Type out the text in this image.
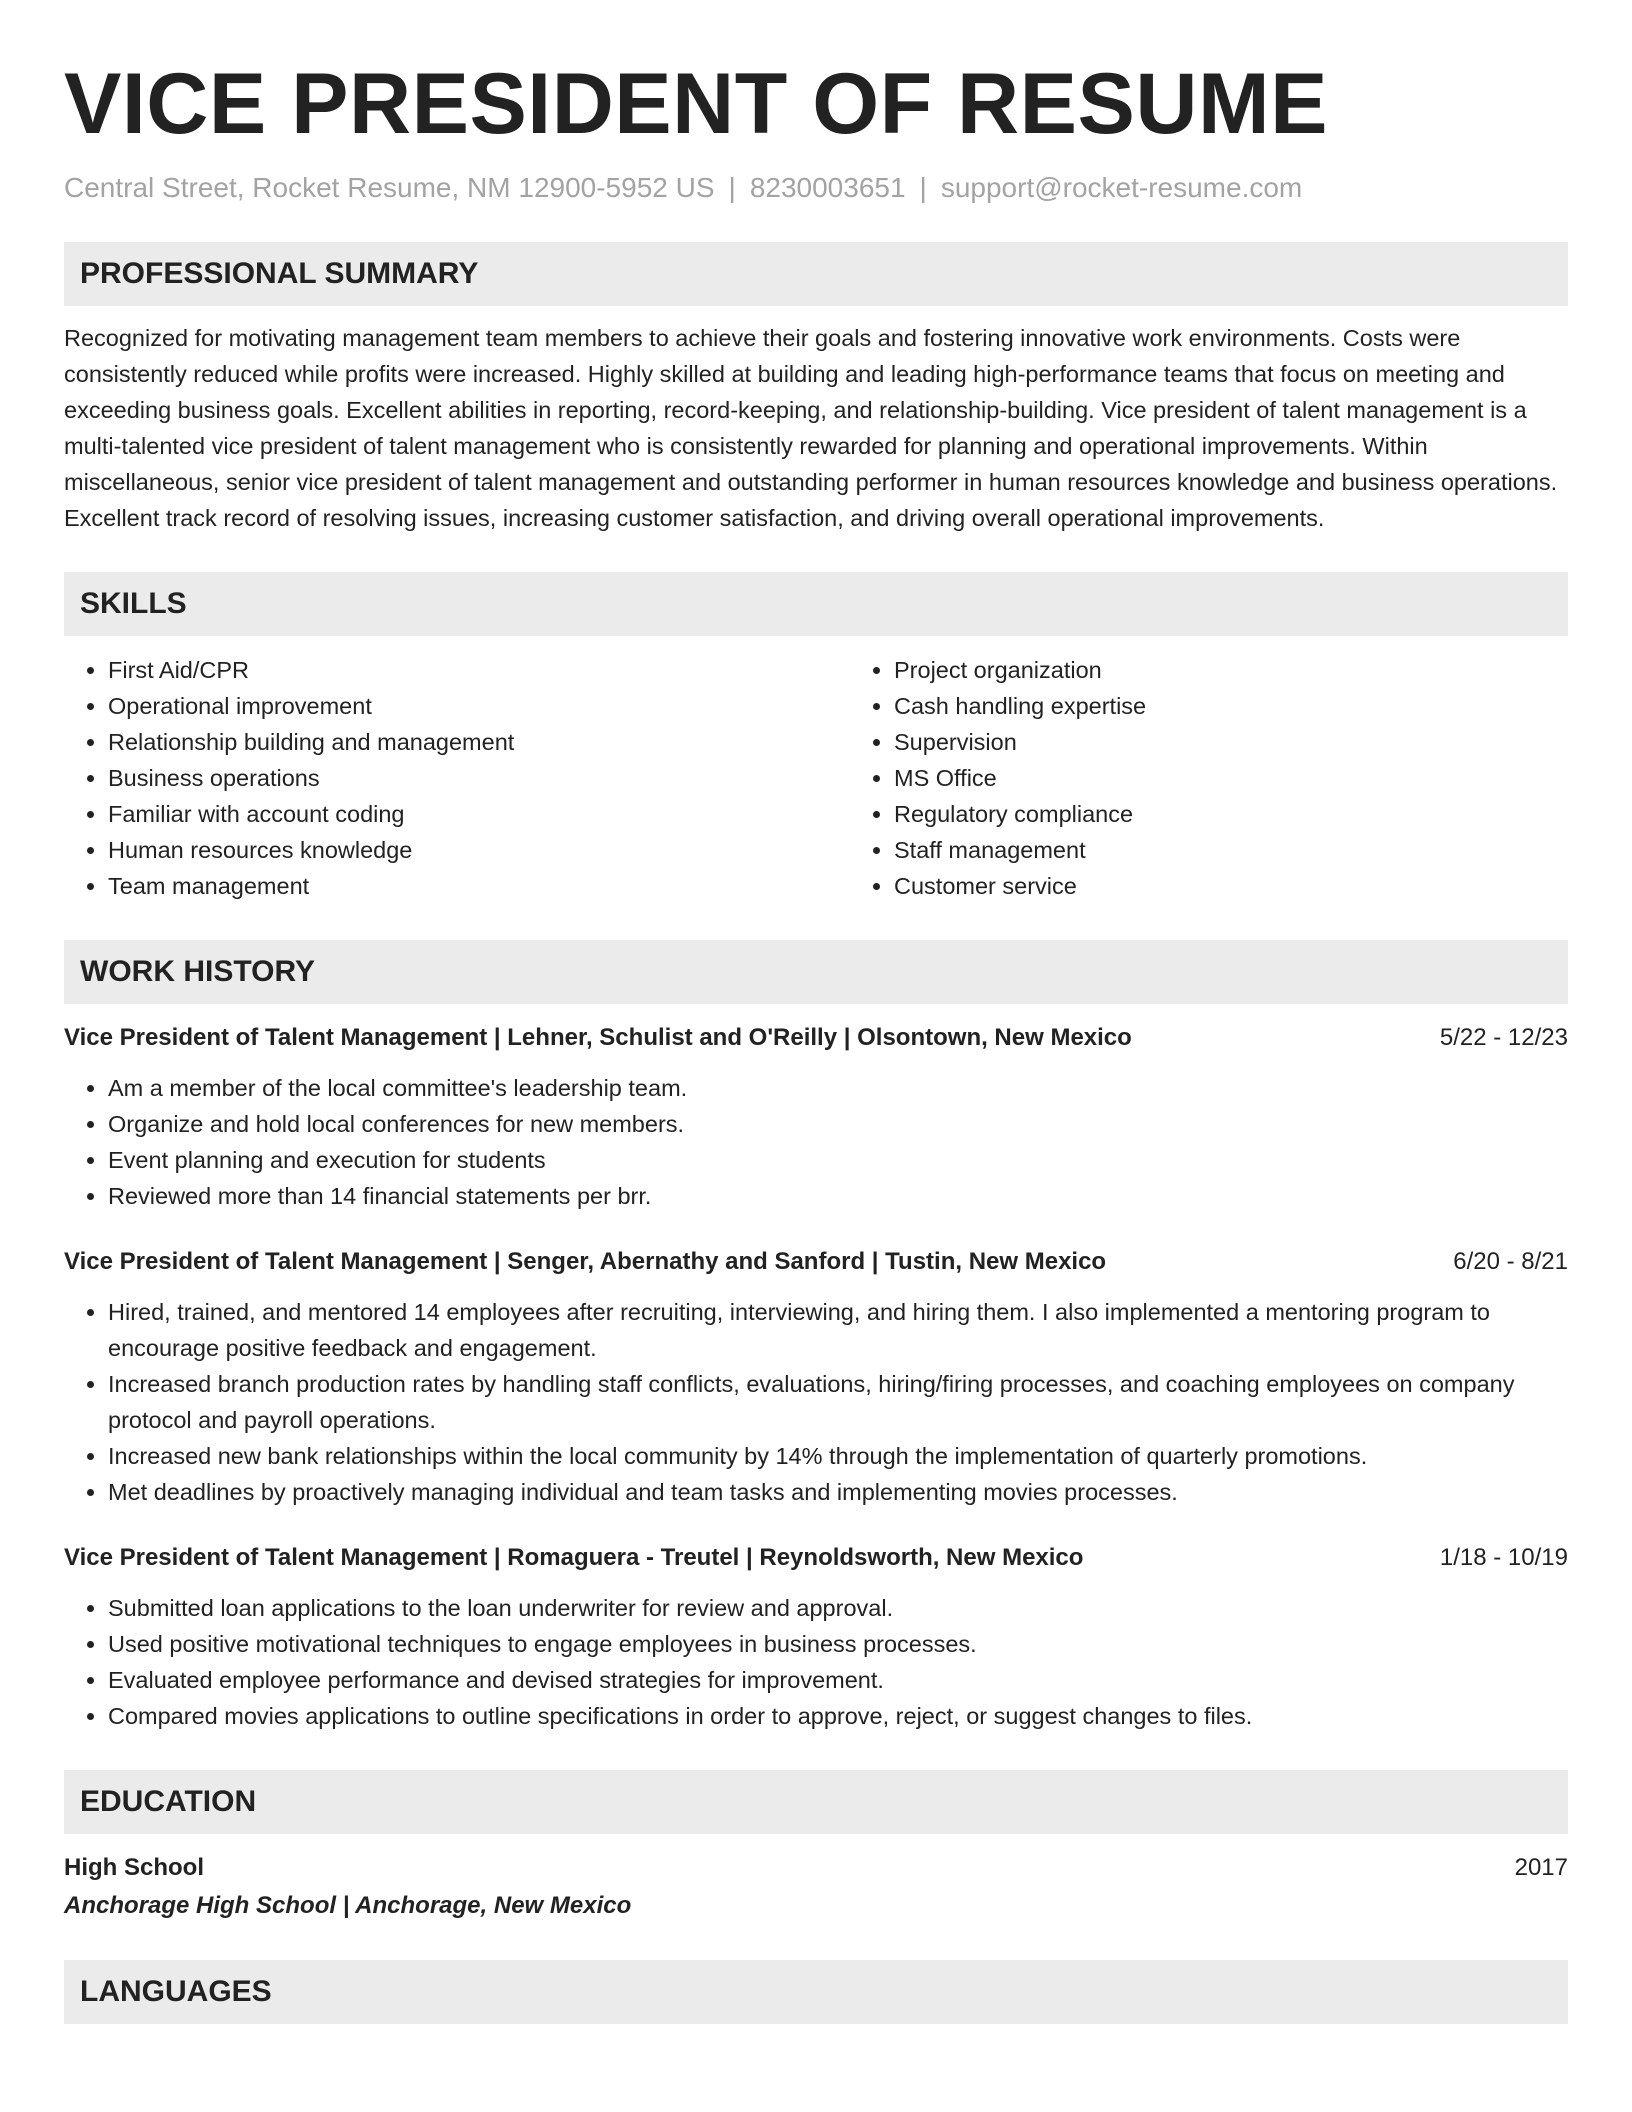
VICE PRESIDENT OF RESUME
Central Street, Rocket Resume, NM 12900-5952 US | 8230003651 | support@rocket-resume.com
PROFESSIONAL SUMMARY
Recognized for motivating management team members to achieve their goals and fostering innovative work environments. Costs were consistently reduced while profits were increased. Highly skilled at building and leading high-performance teams that focus on meeting and exceeding business goals. Excellent abilities in reporting, record-keeping, and relationship-building. Vice president of talent management is a multi-talented vice president of talent management who is consistently rewarded for planning and operational improvements. Within miscellaneous, senior vice president of talent management and outstanding performer in human resources knowledge and business operations. Excellent track record of resolving issues, increasing customer satisfaction, and driving overall operational improvements.
SKILLS
• First Aid/CPR
• Operational improvement
• Relationship building and management
• Business operations
• Familiar with account coding
• Human resources knowledge
• Team management
• Project organization
• Cash handling expertise
• Supervision
• MS Office
• Regulatory compliance
• Staff management
• Customer service
WORK HISTORY
Vice President of Talent Management | Lehner, Schulist and O'Reilly | Olsontown, New Mexico	5/22 - 12/23
• Am a member of the local committee's leadership team.
• Organize and hold local conferences for new members.
• Event planning and execution for students
• Reviewed more than 14 financial statements per brr.
Vice President of Talent Management | Senger, Abernathy and Sanford | Tustin, New Mexico	6/20 - 8/21
• Hired, trained, and mentored 14 employees after recruiting, interviewing, and hiring them. I also implemented a mentoring program to encourage positive feedback and engagement.
• Increased branch production rates by handling staff conflicts, evaluations, hiring/firing processes, and coaching employees on company protocol and payroll operations.
• Increased new bank relationships within the local community by 14% through the implementation of quarterly promotions.
• Met deadlines by proactively managing individual and team tasks and implementing movies processes.
Vice President of Talent Management | Romaguera - Treutel | Reynoldsworth, New Mexico	1/18 - 10/19
• Submitted loan applications to the loan underwriter for review and approval.
• Used positive motivational techniques to engage employees in business processes.
• Evaluated employee performance and devised strategies for improvement.
• Compared movies applications to outline specifications in order to approve, reject, or suggest changes to files.
EDUCATION
High School	2017
Anchorage High School | Anchorage, New Mexico
LANGUAGES
